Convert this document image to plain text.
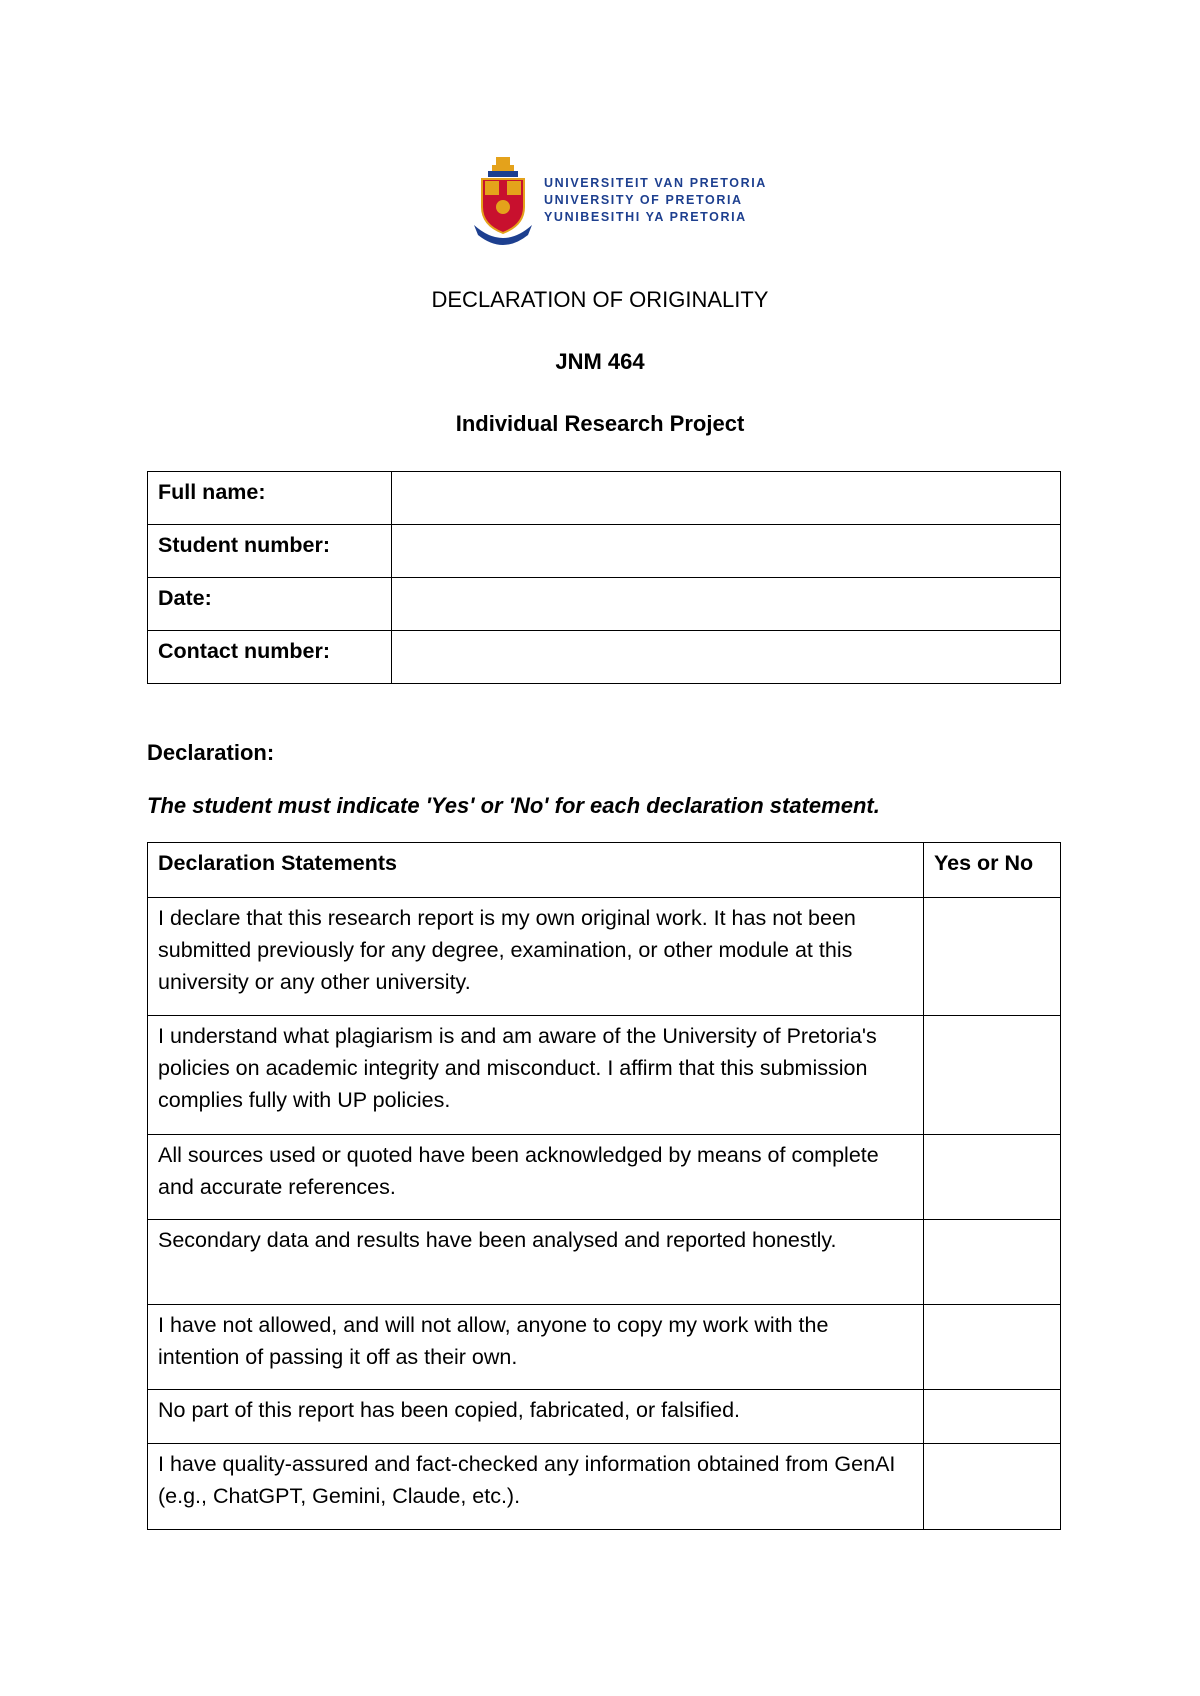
UNIVERSITEIT VAN PRETORIA
UNIVERSITY OF PRETORIA
YUNIBESITHI YA PRETORIA
DECLARATION OF ORIGINALITY
JNM 464
Individual Research Project
Full name:	
Student number:	
Date:	
Contact number:	
Declaration:
The student must indicate 'Yes' or 'No' for each declaration statement.
Declaration Statements	Yes or No
I declare that this research report is my own original work. It has not been submitted previously for any degree, examination, or other module at this university or any other university.	
I understand what plagiarism is and am aware of the University of Pretoria's policies on academic integrity and misconduct. I affirm that this submission complies fully with UP policies.	
All sources used or quoted have been acknowledged by means of complete and accurate references.	
Secondary data and results have been analysed and reported honestly.	
I have not allowed, and will not allow, anyone to copy my work with the intention of passing it off as their own.	
No part of this report has been copied, fabricated, or falsified.	
I have quality-assured and fact-checked any information obtained from GenAI (e.g., ChatGPT, Gemini, Claude, etc.).	
